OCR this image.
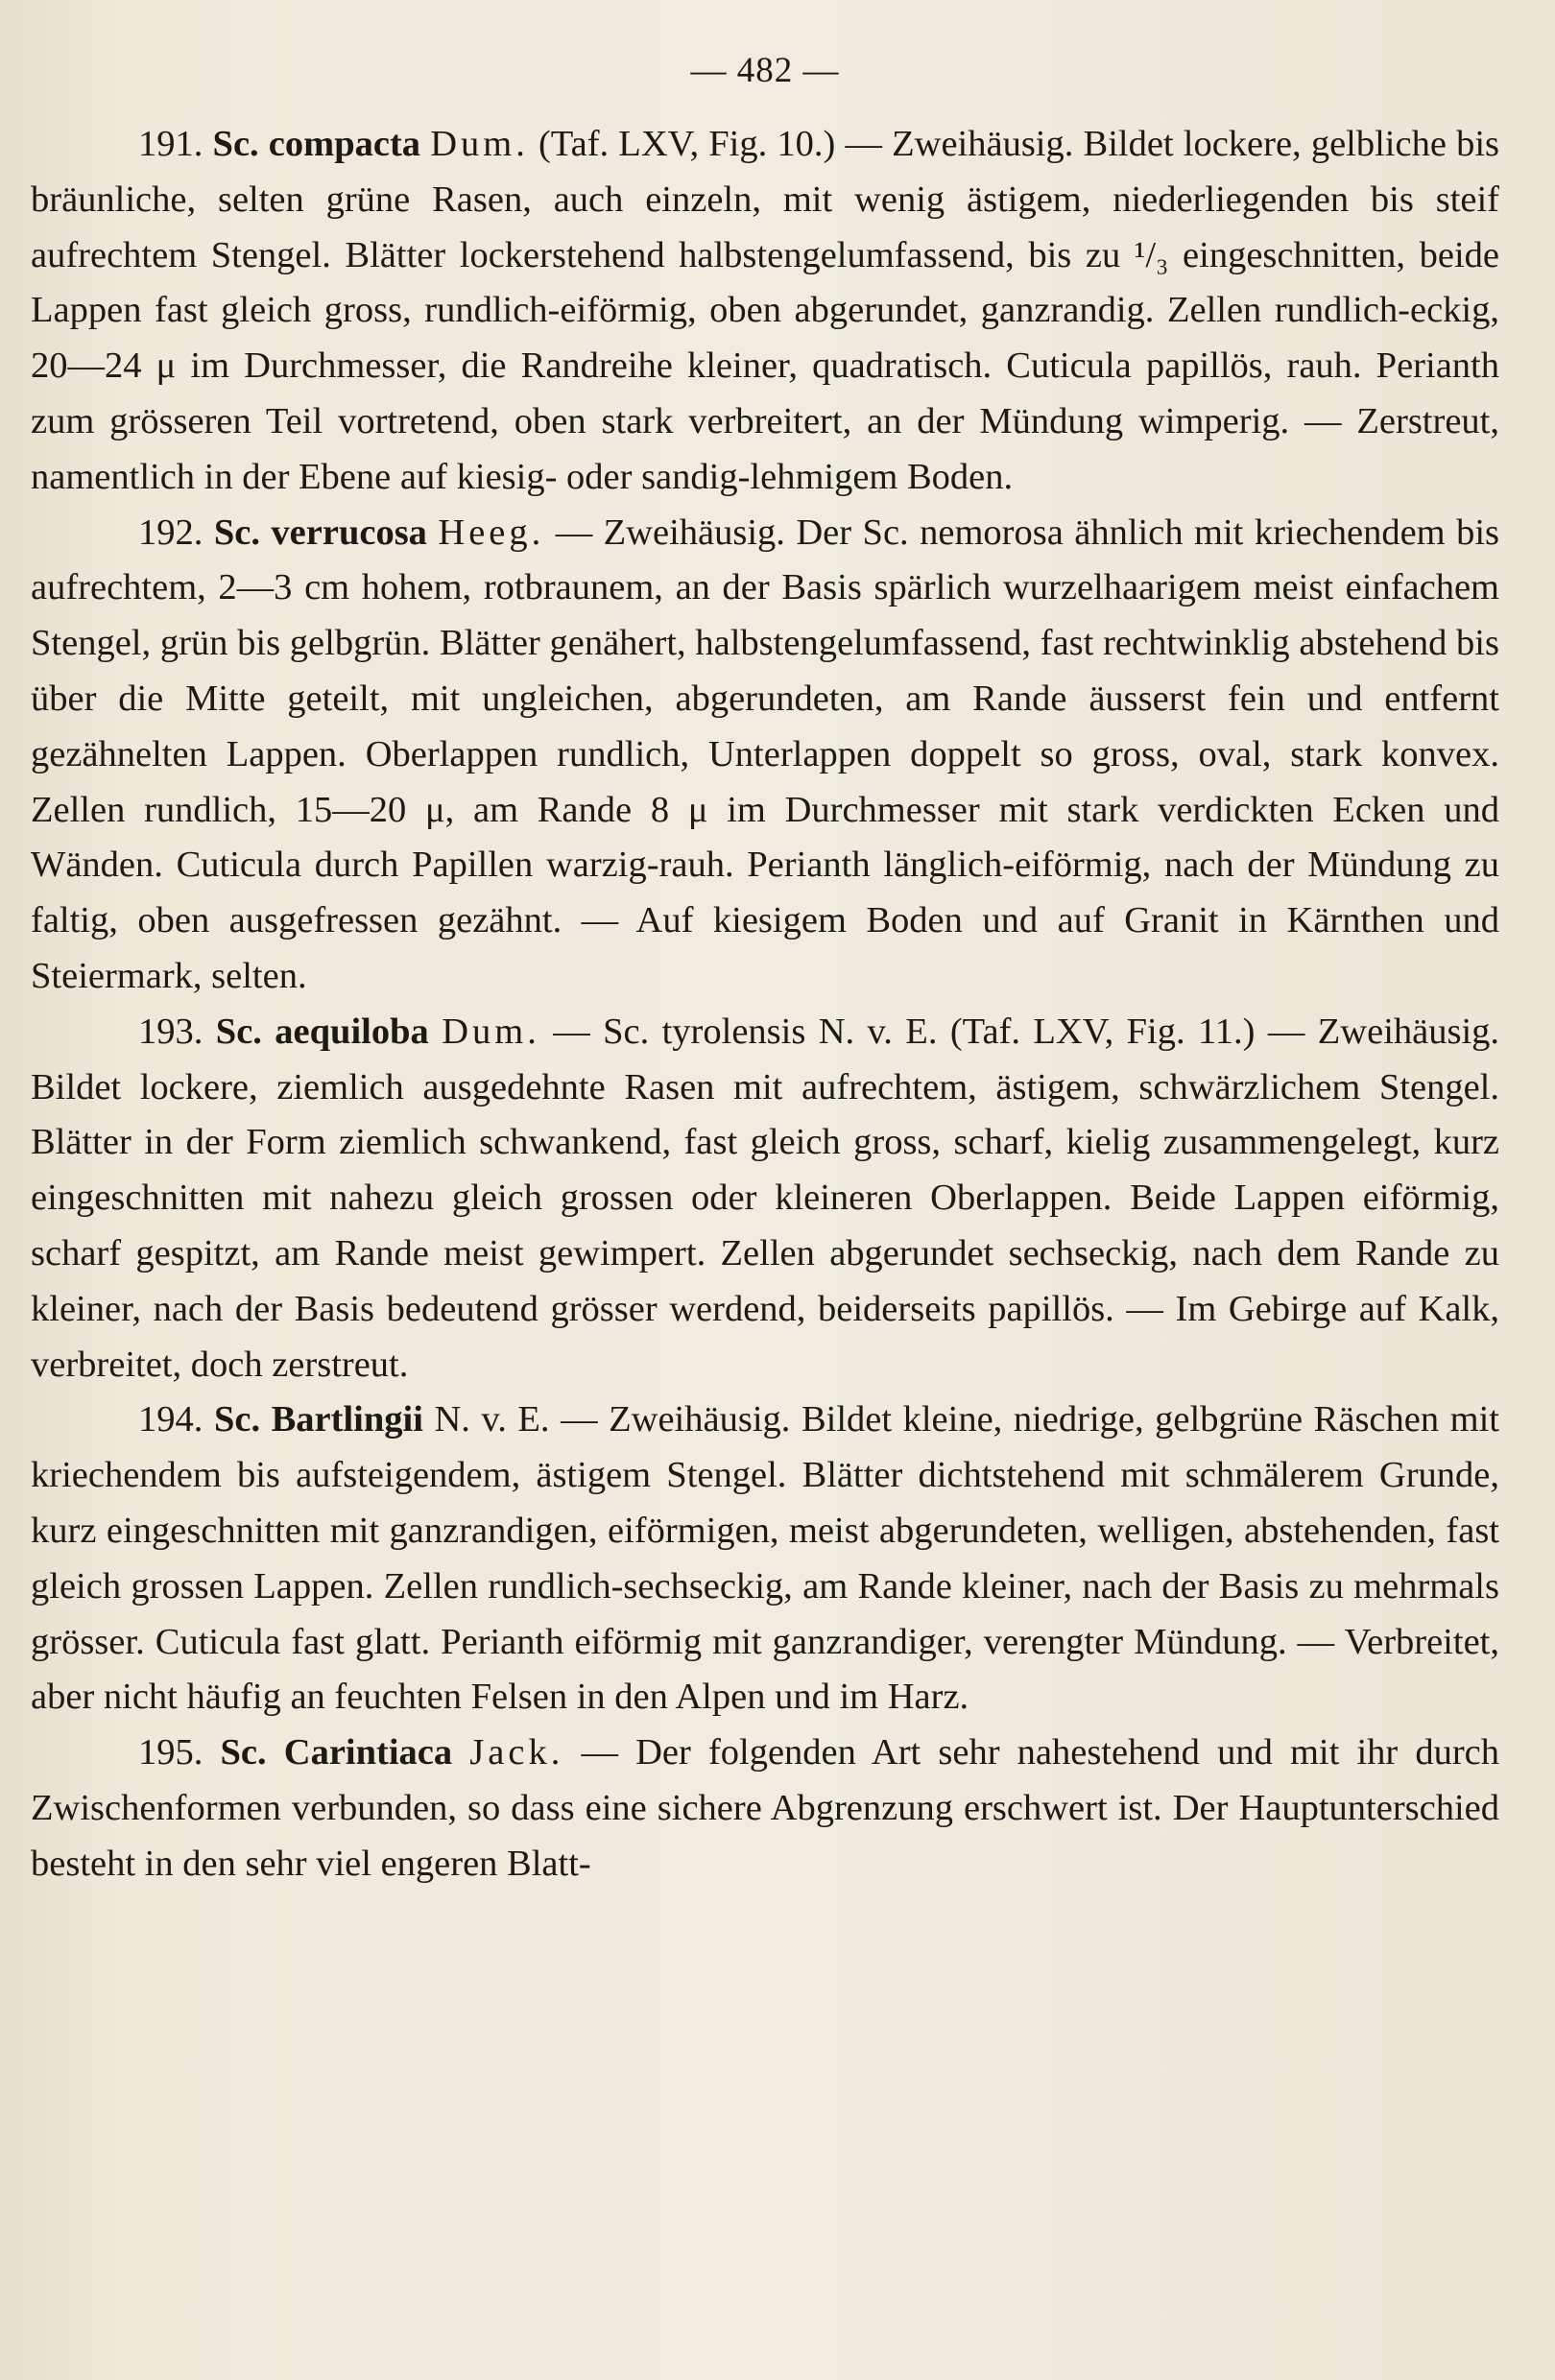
— 482 —

191. Sc. compacta Dum. (Taf. LXV, Fig. 10.) — Zweihäusig. Bildet lockere, gelbliche bis bräunliche, selten grüne Rasen, auch einzeln, mit wenig ästigem, niederliegenden bis steif aufrechtem Stengel. Blätter lockerstehend halbstengelumfassend, bis zu ¹/₃ eingeschnitten, beide Lappen fast gleich gross, rundlich-eiförmig, oben abgerundet, ganzrandig. Zellen rundlich-eckig, 20—24 μ im Durchmesser, die Randreihe kleiner, quadratisch. Cuticula papillös, rauh. Perianth zum grösseren Teil vortretend, oben stark verbreitert, an der Mündung wimperig. — Zerstreut, namentlich in der Ebene auf kiesig- oder sandig-lehmigem Boden.

192. Sc. verrucosa Heeg. — Zweihäusig. Der Sc. nemorosa ähnlich mit kriechendem bis aufrechtem, 2—3 cm hohem, rotbraunem, an der Basis spärlich wurzelhaarigem meist einfachem Stengel, grün bis gelbgrün. Blätter genähert, halbstengelumfassend, fast rechtwinklig abstehend bis über die Mitte geteilt, mit ungleichen, abgerundeten, am Rande äusserst fein und entfernt gezähnelten Lappen. Oberlappen rundlich, Unterlappen doppelt so gross, oval, stark konvex. Zellen rundlich, 15—20 μ, am Rande 8 μ im Durchmesser mit stark verdickten Ecken und Wänden. Cuticula durch Papillen warzig-rauh. Perianth länglich-eiförmig, nach der Mündung zu faltig, oben ausgefressen gezähnt. — Auf kiesigem Boden und auf Granit in Kärnthen und Steiermark, selten.

193. Sc. aequiloba Dum. — Sc. tyrolensis N. v. E. (Taf. LXV, Fig. 11.) — Zweihäusig. Bildet lockere, ziemlich ausgedehnte Rasen mit aufrechtem, ästigem, schwärzlichem Stengel. Blätter in der Form ziemlich schwankend, fast gleich gross, scharf, kielig zusammengelegt, kurz eingeschnitten mit nahezu gleich grossen oder kleineren Oberlappen. Beide Lappen eiförmig, scharf gespitzt, am Rande meist gewimpert. Zellen abgerundet sechseckig, nach dem Rande zu kleiner, nach der Basis bedeutend grösser werdend, beiderseits papillös. — Im Gebirge auf Kalk, verbreitet, doch zerstreut.

194. Sc. Bartlingii N. v. E. — Zweihäusig. Bildet kleine, niedrige, gelbgrüne Räschen mit kriechendem bis aufsteigendem, ästigem Stengel. Blätter dichtstehend mit schmälerem Grunde, kurz eingeschnitten mit ganzrandigen, eiförmigen, meist abgerundeten, welligen, abstehenden, fast gleich grossen Lappen. Zellen rundlich-sechseckig, am Rande kleiner, nach der Basis zu mehrmals grösser. Cuticula fast glatt. Perianth eiförmig mit ganzrandiger, verengter Mündung. — Verbreitet, aber nicht häufig an feuchten Felsen in den Alpen und im Harz.

195. Sc. Carintiaca Jack. — Der folgenden Art sehr nahestehend und mit ihr durch Zwischenformen verbunden, so dass eine sichere Abgrenzung erschwert ist. Der Hauptunterschied besteht in den sehr viel engeren Blatt-
